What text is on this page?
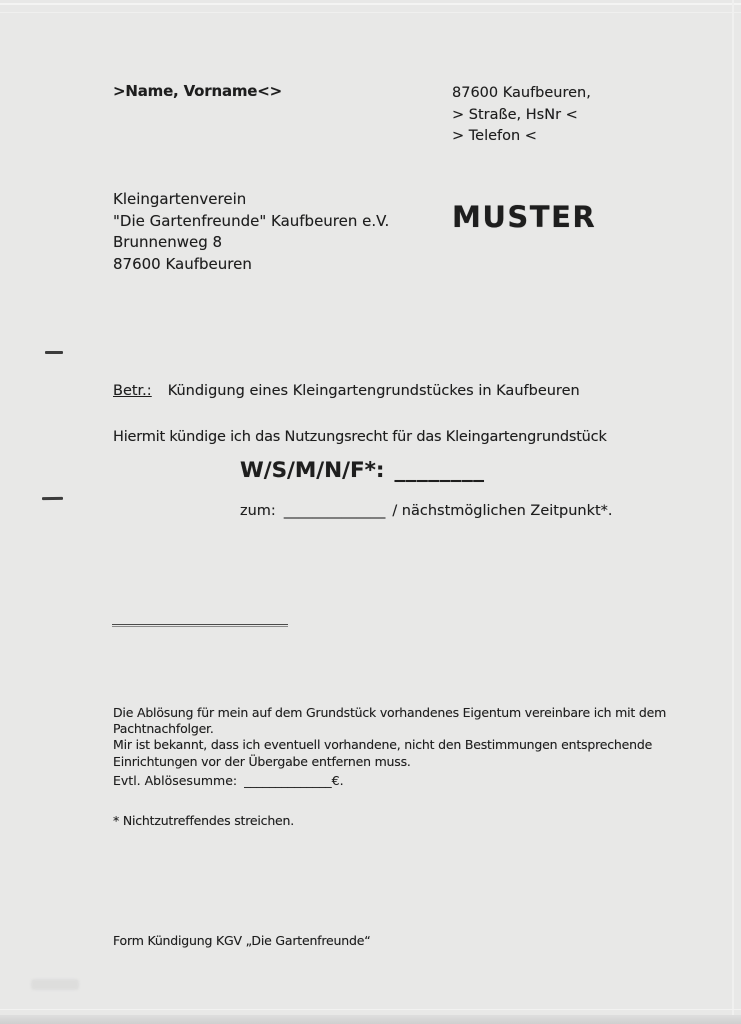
>Name, Vorname<>	87600 Kaufbeuren,
> Straße, HsNr <
> Telefon <
Kleingartenverein
"Die Gartenfreunde" Kaufbeuren e.V.
Brunnenweg 8
87600 Kaufbeuren
MUSTER
Betr.: Kündigung eines Kleingartengrundstückes in Kaufbeuren
Hiermit kündige ich das Nutzungsrecht für das Kleingartengrundstück
W/S/M/N/F*: ________
zum: ______________ / nächstmöglichen Zeitpunkt*.
Die Ablösung für mein auf dem Grundstück vorhandenes Eigentum vereinbare ich mit dem
Pachtnachfolger.
Mir ist bekannt, dass ich eventuell vorhandene, nicht den Bestimmungen entsprechende
Einrichtungen vor der Übergabe entfernen muss.
Evtl. Ablösesumme: ______________ €.
* Nichtzutreffendes streichen.
Form Kündigung KGV „Die Gartenfreunde“
